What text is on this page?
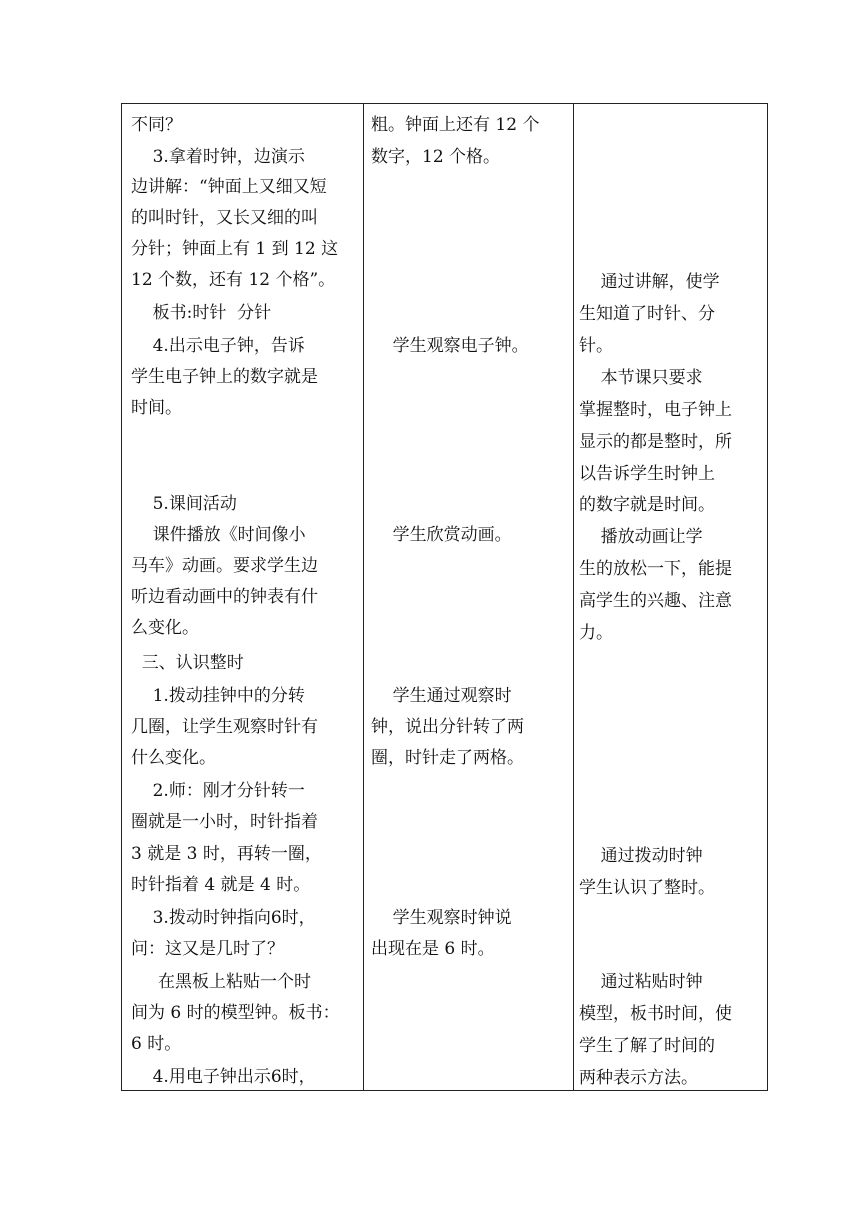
不同？
3.拿着时钟，边演示
边讲解：“钟面上又细又短
的叫时针，又长又细的叫
分针；钟面上有 1 到 12 这
12 个数，还有 12 个格”。
板书:时针  分针
4.出示电子钟，告诉
学生电子钟上的数字就是
时间。
5.课间活动
课件播放《时间像小
马车》动画。要求学生边
听边看动画中的钟表有什
么变化。
三、认识整时
1.拨动挂钟中的分转
几圈，让学生观察时针有
什么变化。
2.师：刚才分针转一
圈就是一小时，时针指着
3 就是 3 时，再转一圈，
时针指着 4 就是 4 时。
3.拨动时钟指向6时，
问：这又是几时了？
在黑板上粘贴一个时
间为 6 时的模型钟。板书：
6 时。
4.用电子钟出示6时，
粗。钟面上还有 12 个
数字，12 个格。
学生观察电子钟。
学生欣赏动画。
学生通过观察时
钟，说出分针转了两
圈，时针走了两格。
学生观察时钟说
出现在是 6 时。
通过讲解，使学
生知道了时针、分
针。
本节课只要求
掌握整时，电子钟上
显示的都是整时，所
以告诉学生时钟上
的数字就是时间。
播放动画让学
生的放松一下，能提
高学生的兴趣、注意
力。
通过拨动时钟
学生认识了整时。
通过粘贴时钟
模型，板书时间，使
学生了解了时间的
两种表示方法。
